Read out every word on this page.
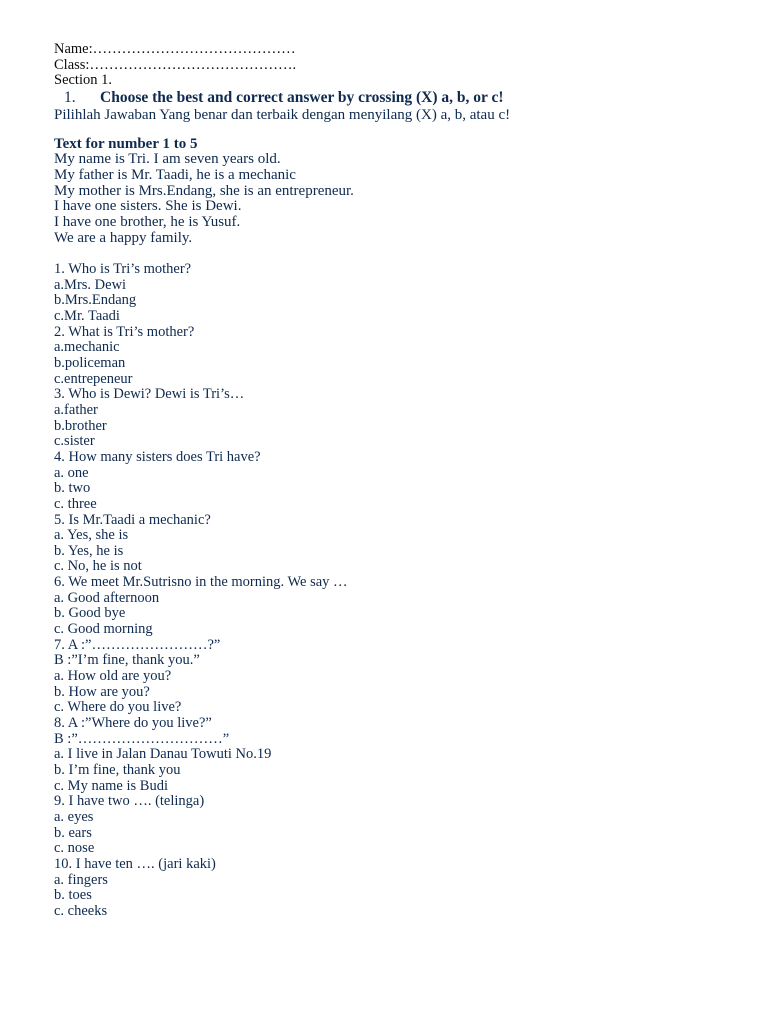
Name:……………………………………
Class:…………………………………….
Section 1.
1. Choose the best and correct answer by crossing (X) a, b, or c!
Pilihlah Jawaban Yang benar dan terbaik dengan menyilang (X) a, b, atau c!
Text for number 1 to 5
My name is Tri. I am seven years old.
My father is Mr. Taadi, he is a mechanic
My mother is Mrs.Endang, she is an entrepreneur.
I have one sisters. She is Dewi.
I have one brother, he is Yusuf.
We are a happy family.
1. Who is Tri’s mother?
a.Mrs. Dewi
b.Mrs.Endang
c.Mr. Taadi
2. What is Tri’s mother?
a.mechanic
b.policeman
c.entrepeneur
3. Who is Dewi? Dewi is Tri’s…
a.father
b.brother
c.sister
4. How many sisters does Tri have?
a. one
b. two
c. three
5. Is Mr.Taadi a mechanic?
a. Yes, she is
b. Yes, he is
c. No, he is not
6. We meet Mr.Sutrisno in the morning. We say …
a. Good afternoon
b. Good bye
c. Good morning
7. A :”……………………?”
B :”I’m fine, thank you.”
a. How old are you?
b. How are you?
c. Where do you live?
8. A :”Where do you live?”
B :”…………………………”
a. I live in Jalan Danau Towuti No.19
b. I’m fine, thank you
c. My name is Budi
9. I have two …. (telinga)
a. eyes
b. ears
c. nose
10. I have ten …. (jari kaki)
a. fingers
b. toes
c. cheeks
